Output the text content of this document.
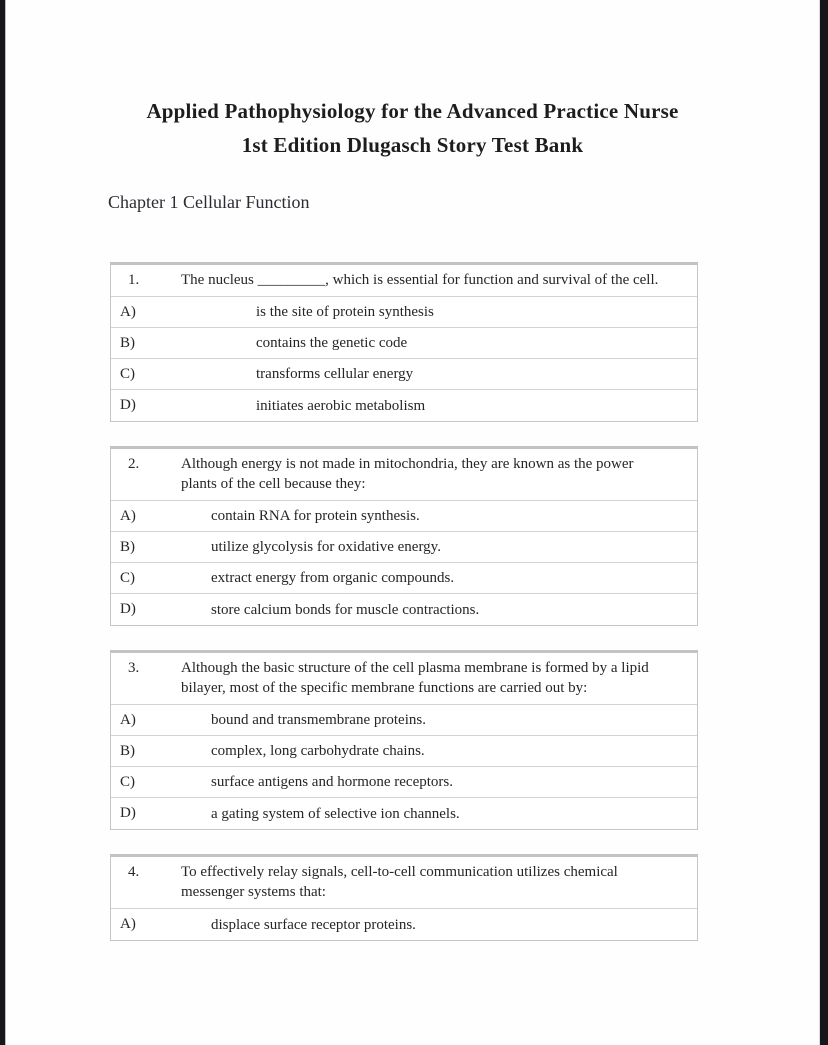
Applied Pathophysiology for the Advanced Practice Nurse
1st Edition Dlugasch Story Test Bank
Chapter 1 Cellular Function
1.	The nucleus _________, which is essential for function and survival of the cell.
A)	is the site of protein synthesis
B)	contains the genetic code
C)	transforms cellular energy
D)	initiates aerobic metabolism
2.	Although energy is not made in mitochondria, they are known as the power plants of the cell because they:
A)	contain RNA for protein synthesis.
B)	utilize glycolysis for oxidative energy.
C)	extract energy from organic compounds.
D)	store calcium bonds for muscle contractions.
3.	Although the basic structure of the cell plasma membrane is formed by a lipid bilayer, most of the specific membrane functions are carried out by:
A)	bound and transmembrane proteins.
B)	complex, long carbohydrate chains.
C)	surface antigens and hormone receptors.
D)	a gating system of selective ion channels.
4.	To effectively relay signals, cell-to-cell communication utilizes chemical messenger systems that:
A)	displace surface receptor proteins.
